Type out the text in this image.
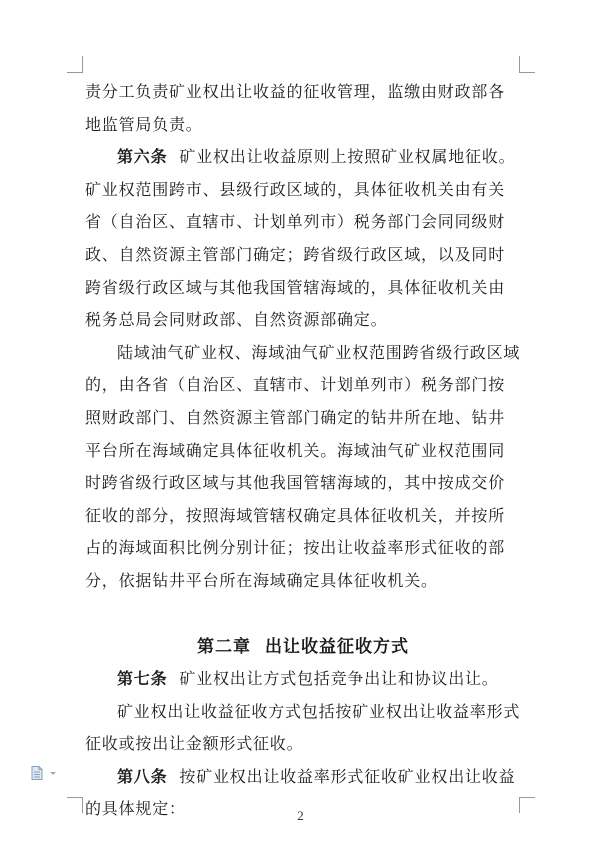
责分工负责矿业权出让收益的征收管理，监缴由财政部各地监管局负责。

第六条 矿业权出让收益原则上按照矿业权属地征收。矿业权范围跨市、县级行政区域的，具体征收机关由有关省（自治区、直辖市、计划单列市）税务部门会同同级财政、自然资源主管部门确定；跨省级行政区域，以及同时跨省级行政区域与其他我国管辖海域的，具体征收机关由税务总局会同财政部、自然资源部确定。

陆域油气矿业权、海域油气矿业权范围跨省级行政区域的，由各省（自治区、直辖市、计划单列市）税务部门按照财政部门、自然资源主管部门确定的钻井所在地、钻井平台所在海域确定具体征收机关。海域油气矿业权范围同时跨省级行政区域与其他我国管辖海域的，其中按成交价征收的部分，按照海域管辖权确定具体征收机关，并按所占的海域面积比例分别计征；按出让收益率形式征收的部分，依据钻井平台所在海域确定具体征收机关。

第二章 出让收益征收方式

第七条 矿业权出让方式包括竞争出让和协议出让。

矿业权出让收益征收方式包括按矿业权出让收益率形式征收或按出让金额形式征收。

第八条 按矿业权出让收益率形式征收矿业权出让收益的具体规定：	2
